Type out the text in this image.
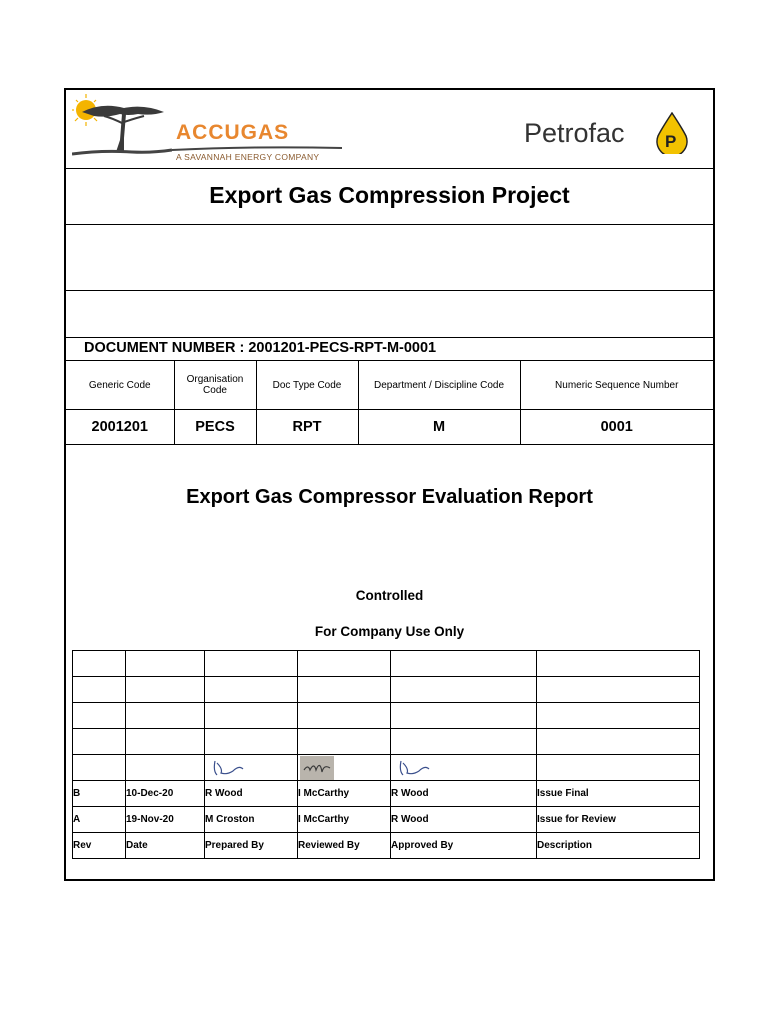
ACCUGAS
A SAVANNAH ENERGY COMPANY
Petrofac P
Export Gas Compression Project
DOCUMENT NUMBER : 2001201-PECS-RPT-M-0001
Generic Code	Organisation Code	Doc Type Code	Department / Discipline Code	Numeric Sequence Number
2001201	PECS	RPT	M	0001
Export Gas Compressor Evaluation Report
Controlled
For Company Use Only

B	10-Dec-20	R Wood	I McCarthy	R Wood	Issue Final
A	19-Nov-20	M Croston	I McCarthy	R Wood	Issue for Review
Rev	Date	Prepared By	Reviewed By	Approved By	Description
